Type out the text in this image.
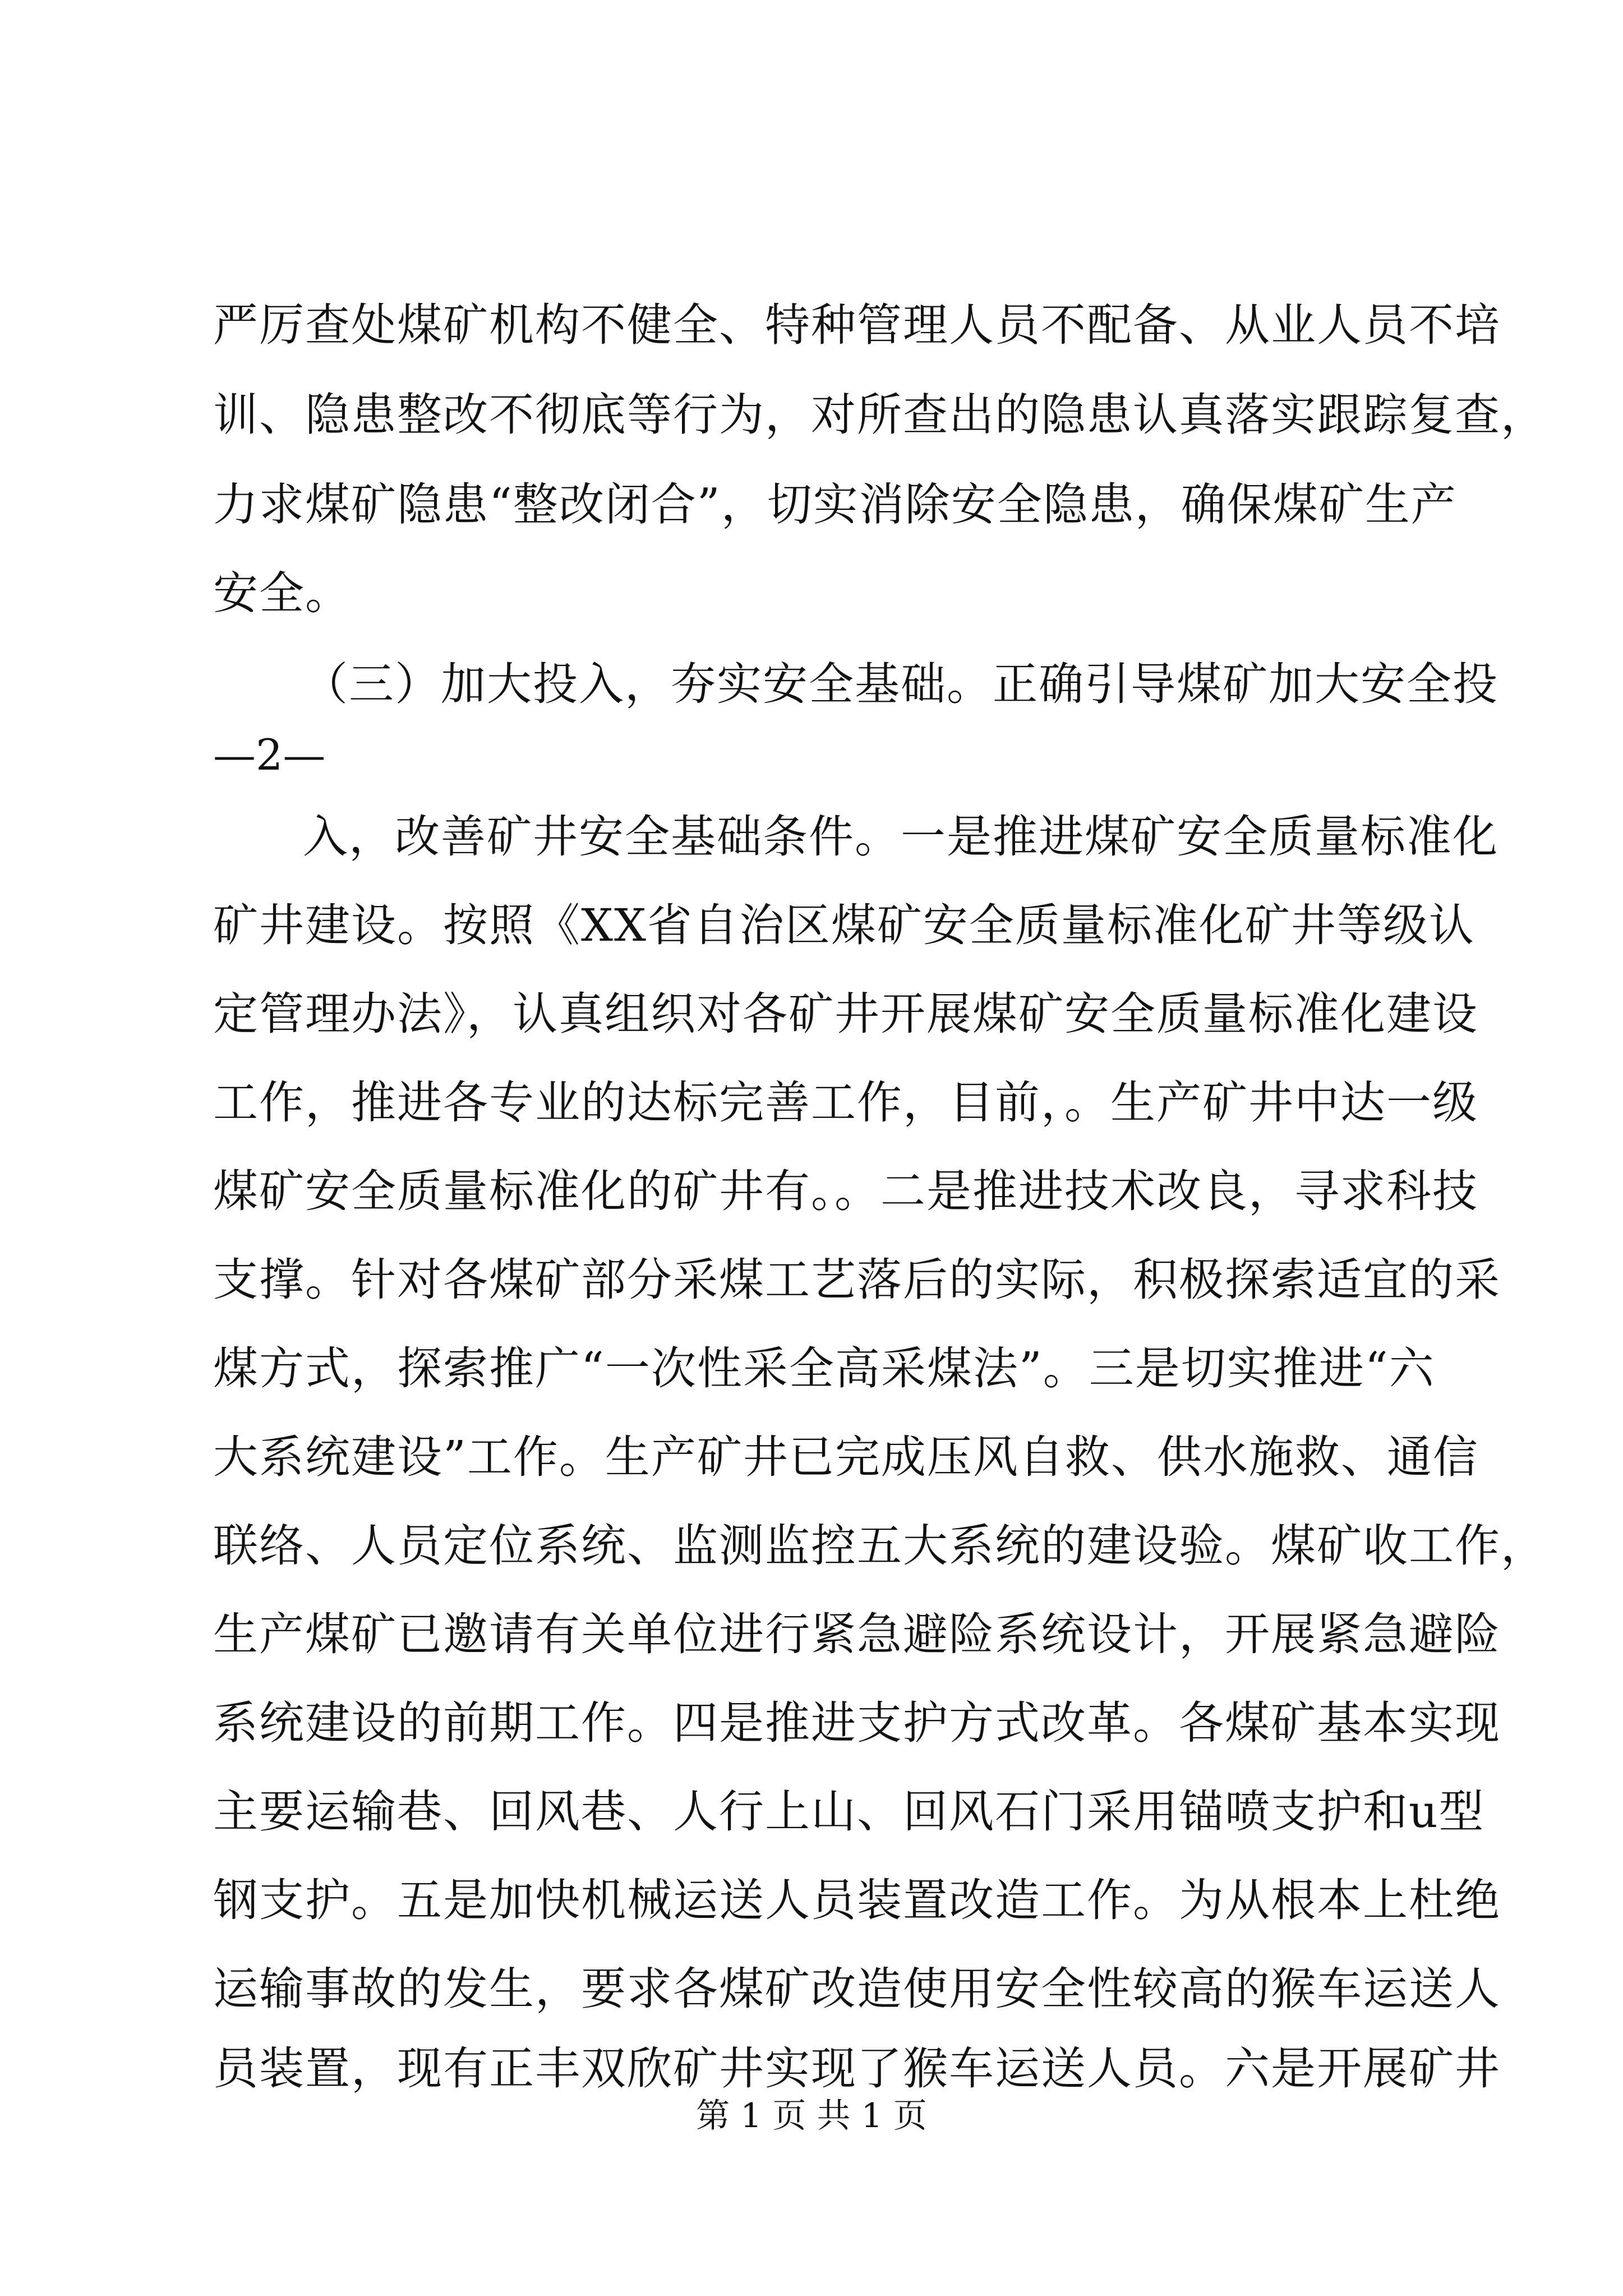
严厉查处煤矿机构不健全、特种管理人员不配备、从业人员不培
训、隐患整改不彻底等行为，对所查出的隐患认真落实跟踪复查，
力求煤矿隐患“整改闭合”，切实消除安全隐患，确保煤矿生产
安全。
（三）加大投入，夯实安全基础。正确引导煤矿加大安全投
—2—
入，改善矿井安全基础条件。一是推进煤矿安全质量标准化
矿井建设。按照《XX省自治区煤矿安全质量标准化矿井等级认
定管理办法》，认真组织对各矿井开展煤矿安全质量标准化建设
工作，推进各专业的达标完善工作，目前，。生产矿井中达一级
煤矿安全质量标准化的矿井有。。二是推进技术改良，寻求科技
支撑。针对各煤矿部分采煤工艺落后的实际，积极探索适宜的采
煤方式，探索推广“一次性采全高采煤法”。三是切实推进“六
大系统建设”工作。生产矿井已完成压风自救、供水施救、通信
联络、人员定位系统、监测监控五大系统的建设验。煤矿收工作，
生产煤矿已邀请有关单位进行紧急避险系统设计，开展紧急避险
系统建设的前期工作。四是推进支护方式改革。各煤矿基本实现
主要运输巷、回风巷、人行上山、回风石门采用锚喷支护和u型
钢支护。五是加快机械运送人员装置改造工作。为从根本上杜绝
运输事故的发生，要求各煤矿改造使用安全性较高的猴车运送人
员装置，现有正丰双欣矿井实现了猴车运送人员。六是开展矿井
第 1 页 共 1 页
